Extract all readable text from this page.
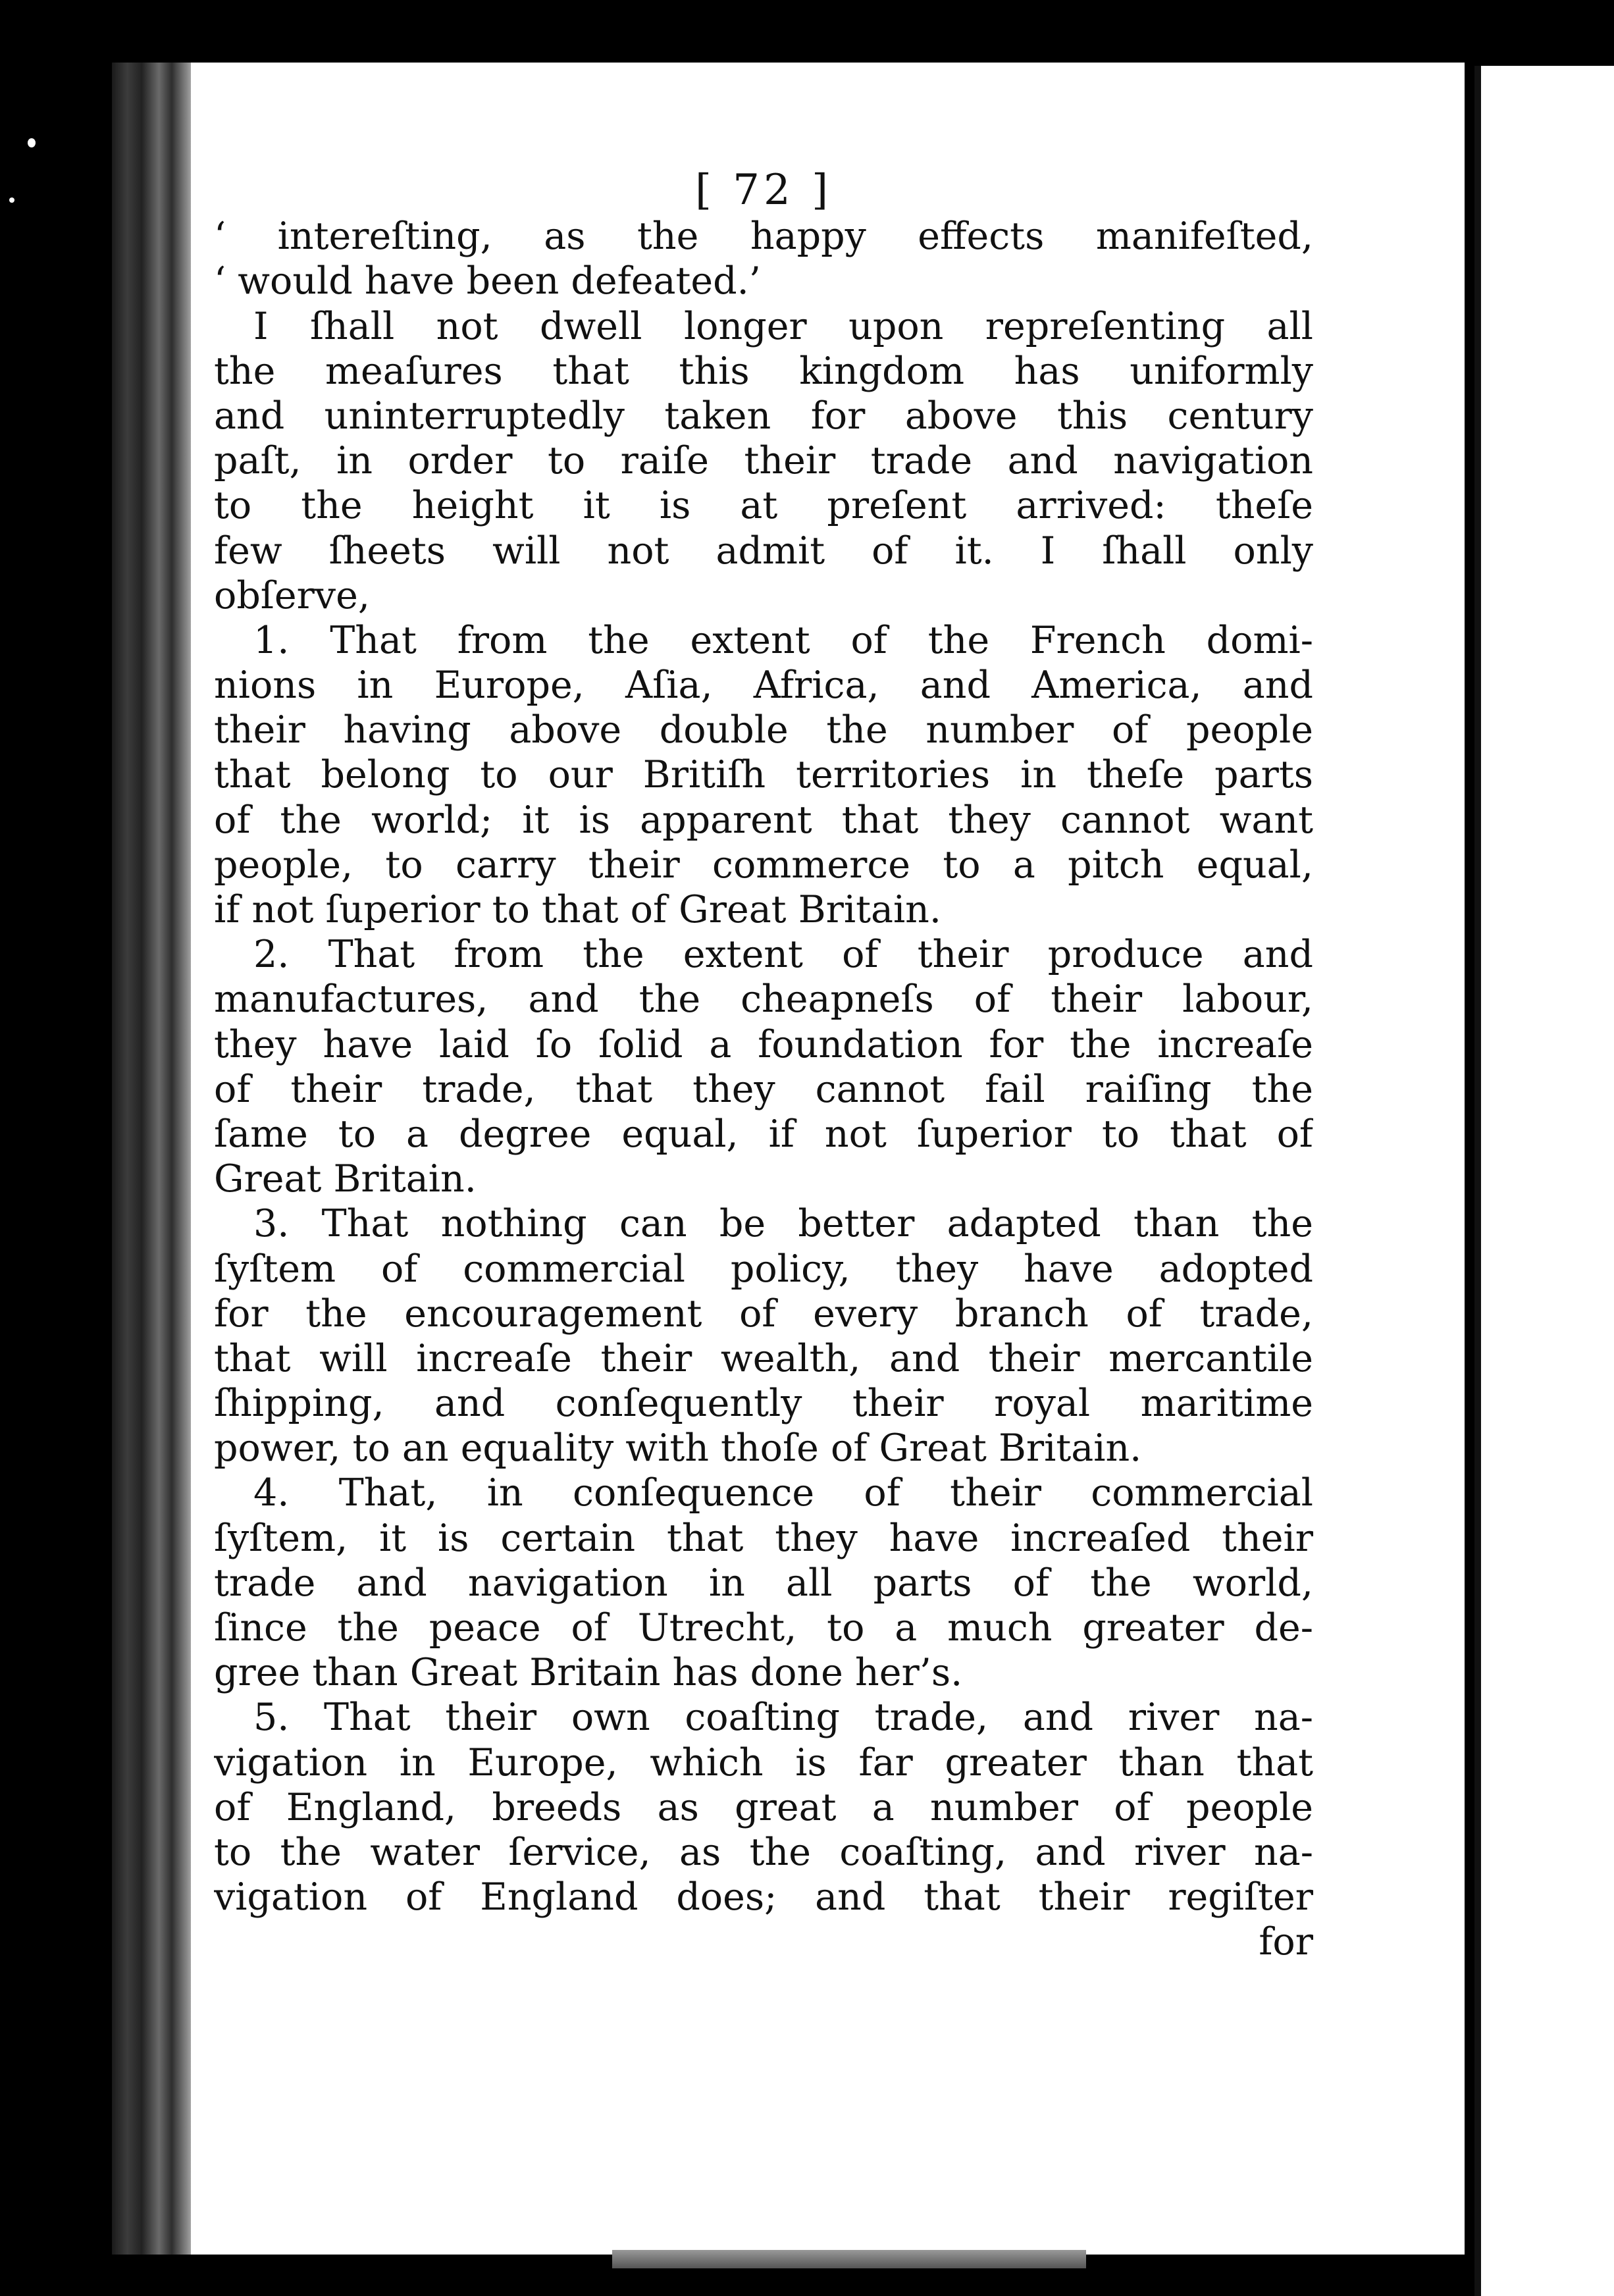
[ 72 ]
‘ intereſting, as the happy effects manifeſted,
‘ would have been defeated.’
I ſhall not dwell longer upon repreſenting all
the meaſures that this kingdom has uniformly
and uninterruptedly taken for above this century
paſt, in order to raiſe their trade and navigation
to the height it is at preſent arrived: theſe
few ſheets will not admit of it. I ſhall only
obſerve,
1. That from the extent of the French domi-
nions in Europe, Aſia, Africa, and America, and
their having above double the number of people
that belong to our Britiſh territories in theſe parts
of the world; it is apparent that they cannot want
people, to carry their commerce to a pitch equal,
if not ſuperior to that of Great Britain.
2. That from the extent of their produce and
manufactures, and the cheapneſs of their labour,
they have laid ſo ſolid a foundation for the increaſe
of their trade, that they cannot fail raiſing the
ſame to a degree equal, if not ſuperior to that of
Great Britain.
3. That nothing can be better adapted than the
ſyſtem of commercial policy, they have adopted
for the encouragement of every branch of trade,
that will increaſe their wealth, and their mercantile
ſhipping, and conſequently their royal maritime
power, to an equality with thoſe of Great Britain.
4. That, in conſequence of their commercial
ſyſtem, it is certain that they have increaſed their
trade and navigation in all parts of the world,
ſince the peace of Utrecht, to a much greater de-
gree than Great Britain has done her’s.
5. That their own coaſting trade, and river na-
vigation in Europe, which is far greater than that
of England, breeds as great a number of people
to the water ſervice, as the coaſting, and river na-
vigation of England does; and that their regiſter
for
